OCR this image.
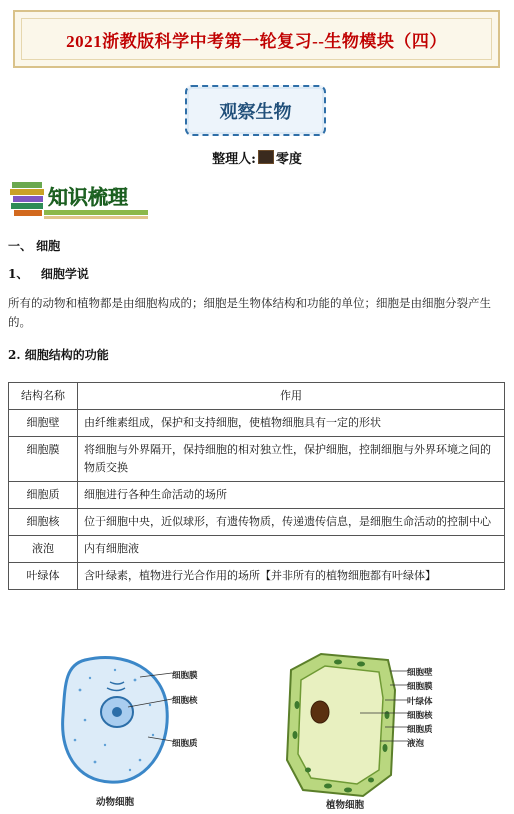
2021浙教版科学中考第一轮复习--生物模块（四）
观察生物
整理人: 零度
知识梳理
一、 细胞
1、   细胞学说
所有的动物和植物都是由细胞构成的；细胞是生物体结构和功能的单位；细胞是由细胞分裂产生的。
2. 细胞结构的功能
结构名称	作用
细胞壁	由纤维素组成，保护和支持细胞，使植物细胞具有一定的形状
细胞膜	将细胞与外界隔开，保持细胞的相对独立性，保护细胞，控制细胞与外界环境之间的物质交换
细胞质	细胞进行各种生命活动的场所
细胞核	位于细胞中央，近似球形，有遗传物质，传递遗传信息，是细胞生命活动的控制中心
液泡	内有细胞液
叶绿体	含叶绿素，植物进行光合作用的场所【并非所有的植物细胞都有叶绿体】
细胞膜
细胞核
细胞质
动物细胞
细胞壁
细胞膜
叶绿体
细胞核
细胞质
液泡
植物细胞
